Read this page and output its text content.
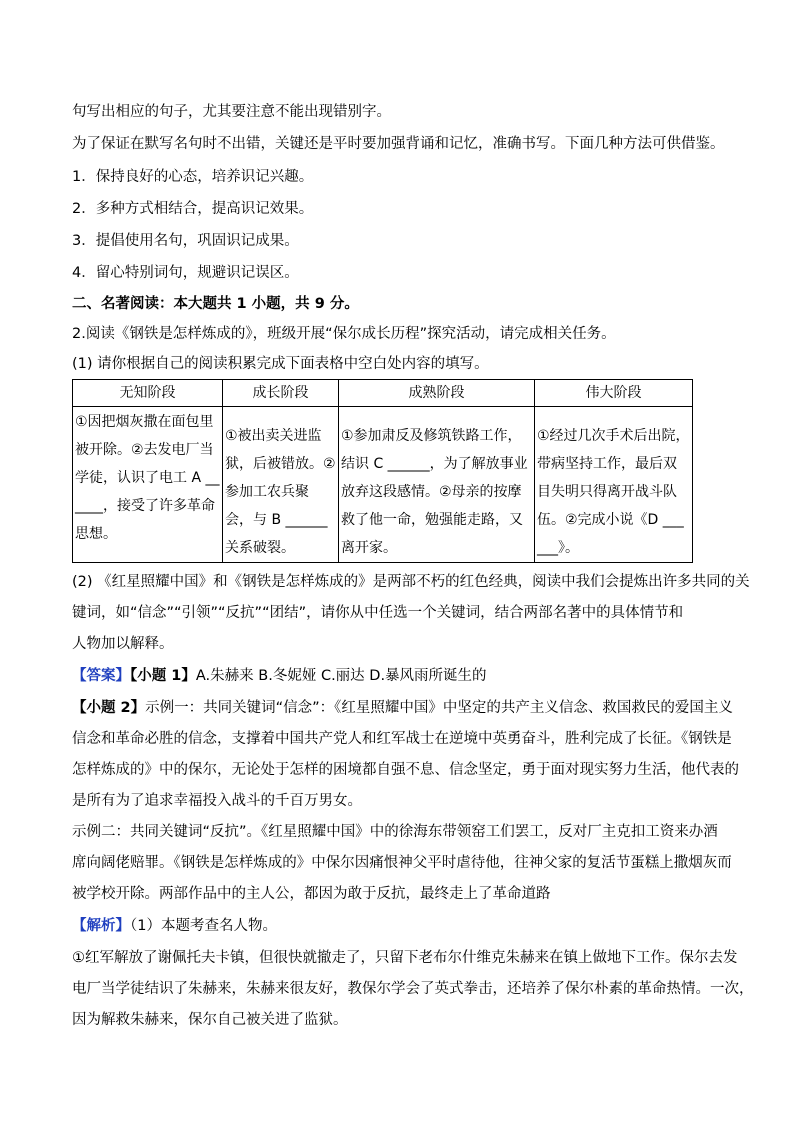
句写出相应的句子，尤其要注意不能出现错别字。
为了保证在默写名句时不出错，关键还是平时要加强背诵和记忆，准确书写。下面几种方法可供借鉴。
1．保持良好的心态，培养识记兴趣。
2．多种方式相结合，提高识记效果。
3．提倡使用名句，巩固识记成果。
4．留心特别词句，规避识记误区。
二、名著阅读：本大题共 1 小题，共 9 分。
2.阅读《钢铁是怎样炼成的》，班级开展“保尔成长历程”探究活动，请完成相关任务。
(1) 请你根据自己的阅读积累完成下面表格中空白处内容的填写。
无知阶段	成长阶段	成熟阶段	伟大阶段

①因把烟灰撒在面包里被开除。②去发电厂当学徒，认识了电工 A ______，接受了许多革命思想。	①被出卖关进监狱，后被错放。②参加工农兵聚会，与 B ______关系破裂。	①参加肃反及修筑铁路工作，结识 C ______，为了解放事业放弃这段感情。②母亲的按摩救了他一命，勉强能走路，又离开家。	①经过几次手术后出院，带病坚持工作，最后双目失明只得离开战斗队伍。②完成小说《D ______》。
(2) 《红星照耀中国》和《钢铁是怎样炼成的》是两部不朽的红色经典，阅读中我们会提炼出许多共同的关
键词，如“信念”“引领”“反抗”“团结”，请你从中任选一个关键词，结合两部名著中的具体情节和
人物加以解释。
【答案】【小题 1】A.朱赫来 B.冬妮娅 C.丽达 D.暴风雨所诞生的
【小题 2】示例一：共同关键词“信念”：《红星照耀中国》中坚定的共产主义信念、救国救民的爱国主义
信念和革命必胜的信念，支撑着中国共产党人和红军战士在逆境中英勇奋斗，胜利完成了长征。《钢铁是
怎样炼成的》中的保尔，无论处于怎样的困境都自强不息、信念坚定，勇于面对现实努力生活，他代表的
是所有为了追求幸福投入战斗的千百万男女。
示例二：共同关键词“反抗”。《红星照耀中国》中的徐海东带领窑工们罢工，反对厂主克扣工资来办酒
席向阔佬赔罪。《钢铁是怎样炼成的》中保尔因痛恨神父平时虐待他，往神父家的复活节蛋糕上撒烟灰而
被学校开除。两部作品中的主人公，都因为敢于反抗，最终走上了革命道路
【解析】（1）本题考查名人物。
①红军解放了谢佩托夫卡镇，但很快就撤走了，只留下老布尔什维克朱赫来在镇上做地下工作。保尔去发
电厂当学徒结识了朱赫来，朱赫来很友好，教保尔学会了英式拳击，还培养了保尔朴素的革命热情。一次，
因为解救朱赫来，保尔自己被关进了监狱。
